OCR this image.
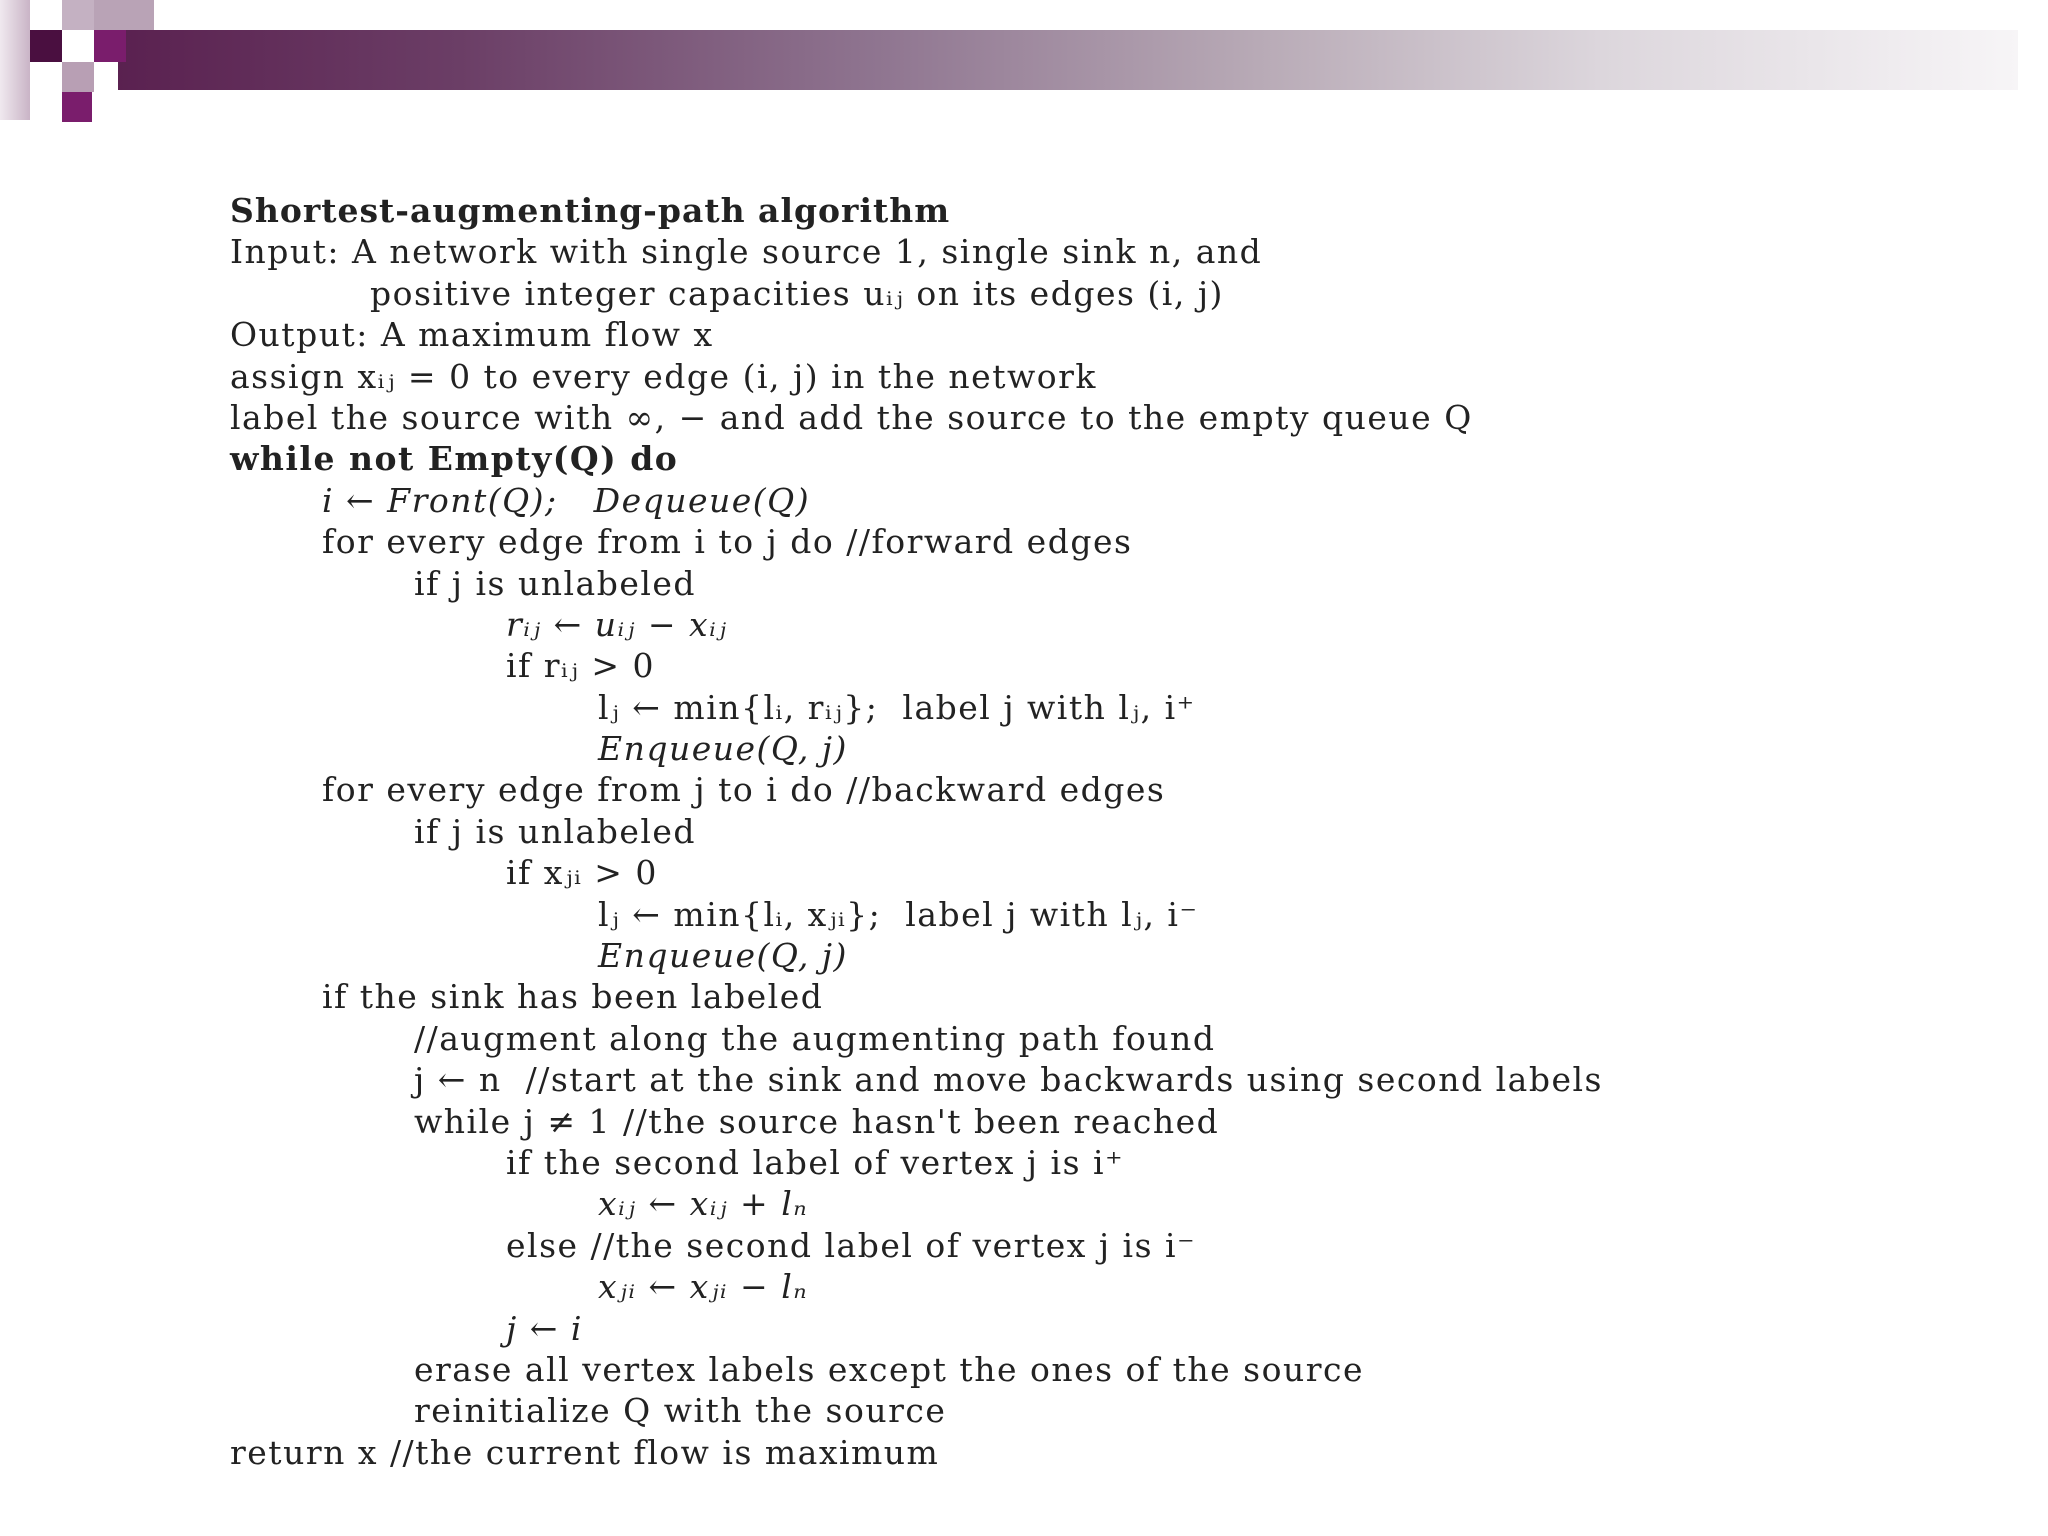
Shortest-augmenting-path algorithm
Input: A network with single source 1, single sink n, and
positive integer capacities uᵢⱼ on its edges (i, j)
Output: A maximum flow x
assign xᵢⱼ = 0 to every edge (i, j) in the network
label the source with ∞, − and add the source to the empty queue Q
while not Empty(Q) do
i ← Front(Q);   Dequeue(Q)
for every edge from i to j do //forward edges
if j is unlabeled
rᵢⱼ ← uᵢⱼ − xᵢⱼ
if rᵢⱼ > 0
lⱼ ← min{lᵢ, rᵢⱼ};  label j with lⱼ, i⁺
Enqueue(Q, j)
for every edge from j to i do //backward edges
if j is unlabeled
if xⱼᵢ > 0
lⱼ ← min{lᵢ, xⱼᵢ};  label j with lⱼ, i⁻
Enqueue(Q, j)
if the sink has been labeled
//augment along the augmenting path found
j ← n  //start at the sink and move backwards using second labels
while j ≠ 1 //the source hasn't been reached
if the second label of vertex j is i⁺
xᵢⱼ ← xᵢⱼ + lₙ
else //the second label of vertex j is i⁻
xⱼᵢ ← xⱼᵢ − lₙ
j ← i
erase all vertex labels except the ones of the source
reinitialize Q with the source
return x //the current flow is maximum
